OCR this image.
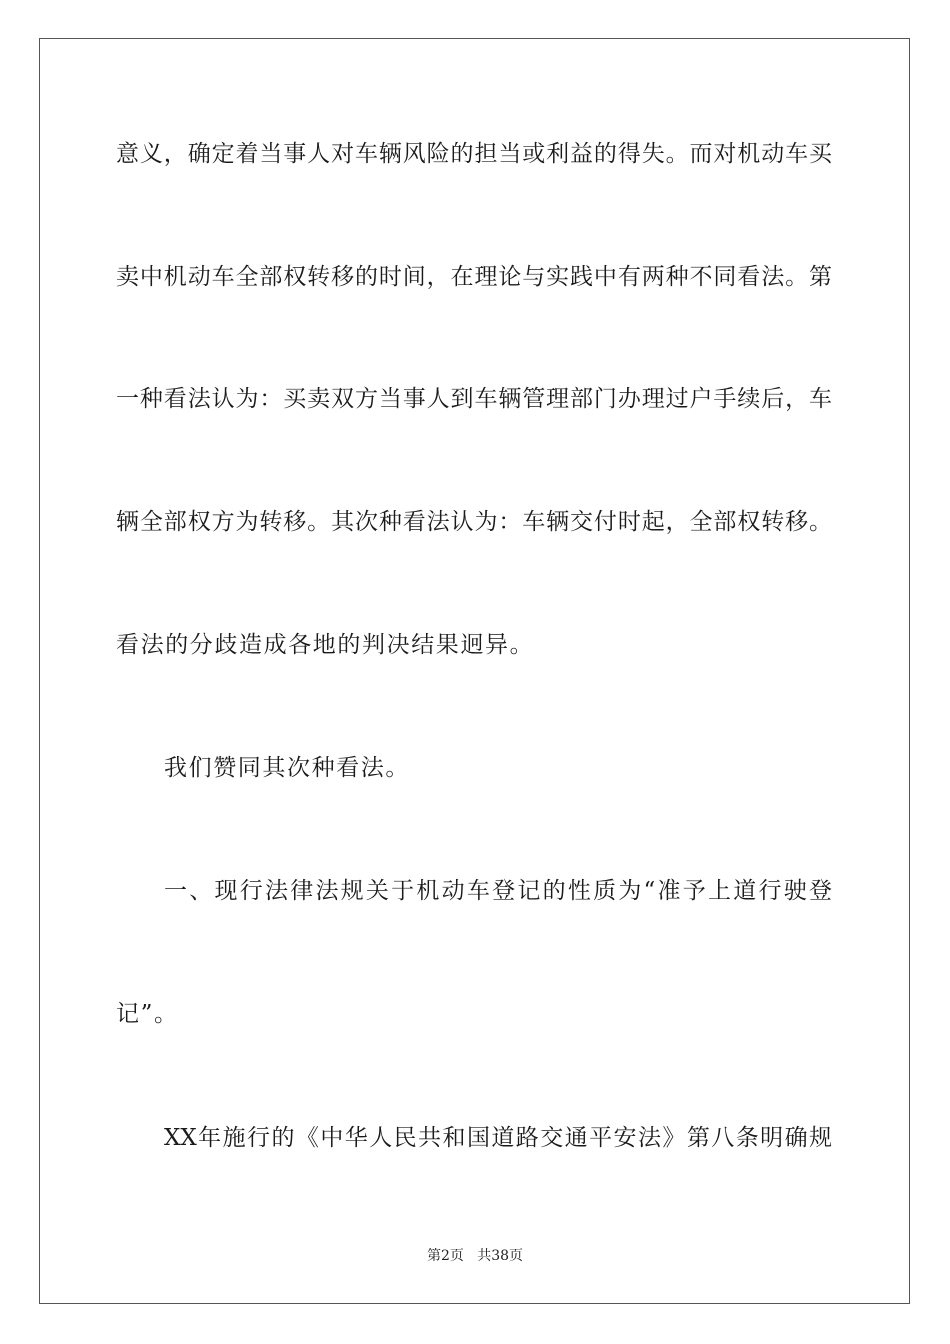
意义，确定着当事人对车辆风险的担当或利益的得失。而对机动车买
卖中机动车全部权转移的时间，在理论与实践中有两种不同看法。第
一种看法认为：买卖双方当事人到车辆管理部门办理过户手续后，车
辆全部权方为转移。其次种看法认为：车辆交付时起，全部权转移。
看法的分歧造成各地的判决结果迥异。
我们赞同其次种看法。
一、现行法律法规关于机动车登记的性质为“准予上道行驶登
记”。
XX年施行的《中华人民共和国道路交通平安法》第八条明确规
第2页   共38页
